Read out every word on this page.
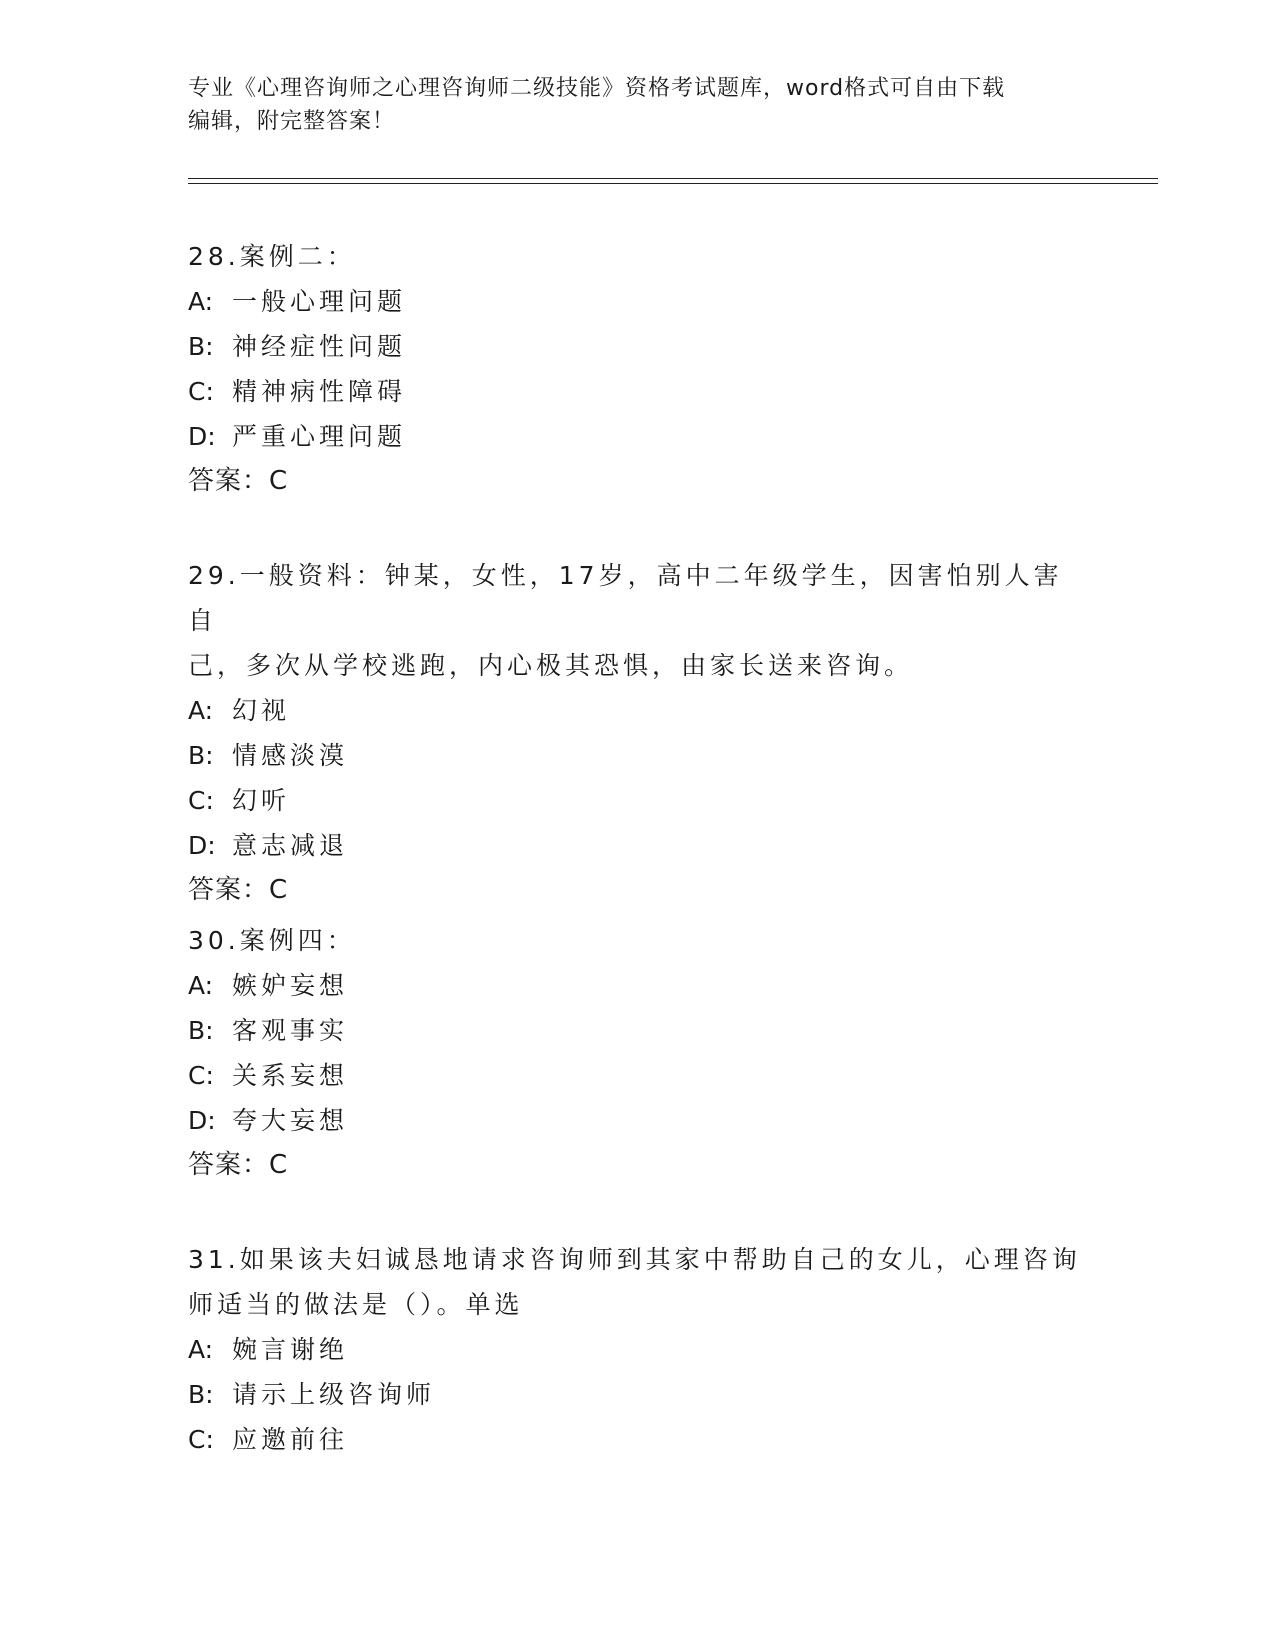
专业《心理咨询师之心理咨询师二级技能》资格考试题库，word格式可自由下载
编辑，附完整答案！

28.案例二：

A: 一般心理问题

B: 神经症性问题

C: 精神病性障碍

D: 严重心理问题

答案：C

29.一般资料：钟某，女性，17岁，高中二年级学生，因害怕别人害自

己，多次从学校逃跑，内心极其恐惧，由家长送来咨询。

A: 幻视

B: 情感淡漠

C: 幻听

D: 意志减退

答案：C

30.案例四：

A: 嫉妒妄想

B: 客观事实

C: 关系妄想

D: 夸大妄想

答案：C

31.如果该夫妇诚恳地请求咨询师到其家中帮助自己的女儿，心理咨询

师适当的做法是（）。单选

A: 婉言谢绝

B: 请示上级咨询师

C: 应邀前往
